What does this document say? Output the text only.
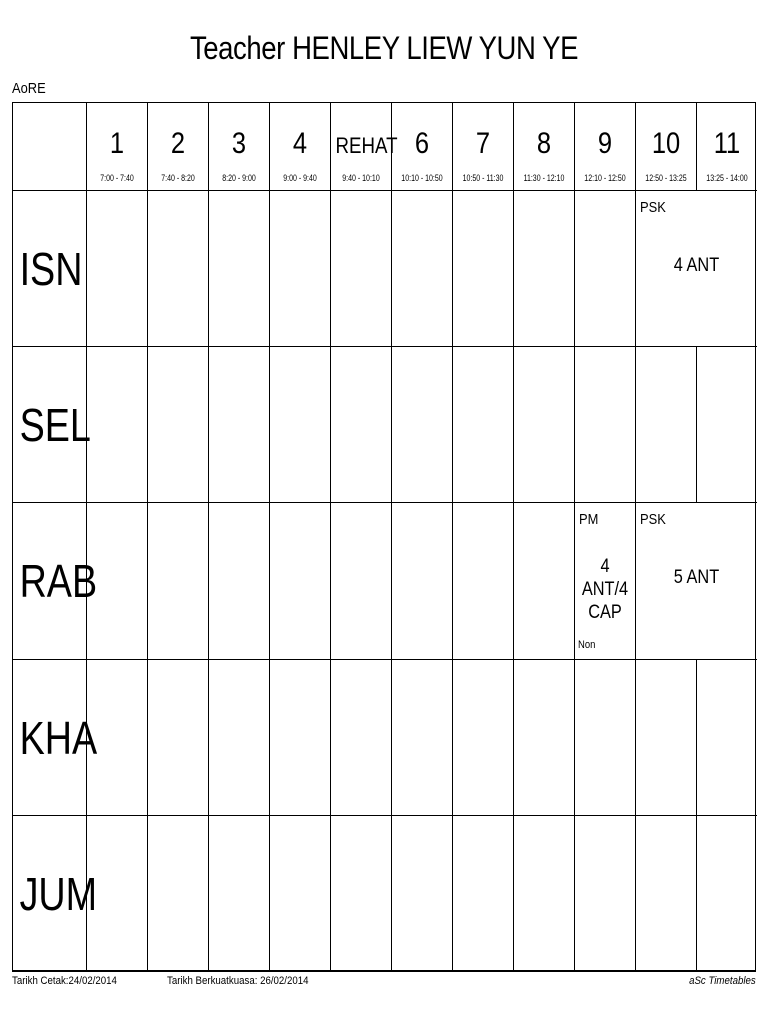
Teacher HENLEY LIEW YUN YE
AoRE
1
7:00 - 7:40
2
7:40 - 8:20
3
8:20 - 9:00
4
9:00 - 9:40
REHAT
9:40 - 10:10
6
10:10 - 10:50
7
10:50 - 11:30
8
11:30 - 12:10
9
12:10 - 12:50
10
12:50 - 13:25
11
13:25 - 14:00
ISN
PSK
4 ANT
SEL
RAB
PM
4 ANT/4
CAP
Non
PSK
5 ANT
KHA
JUM
Tarikh Cetak:24/02/2014	Tarikh Berkuatkuasa: 26/02/2014	aSc Timetables
